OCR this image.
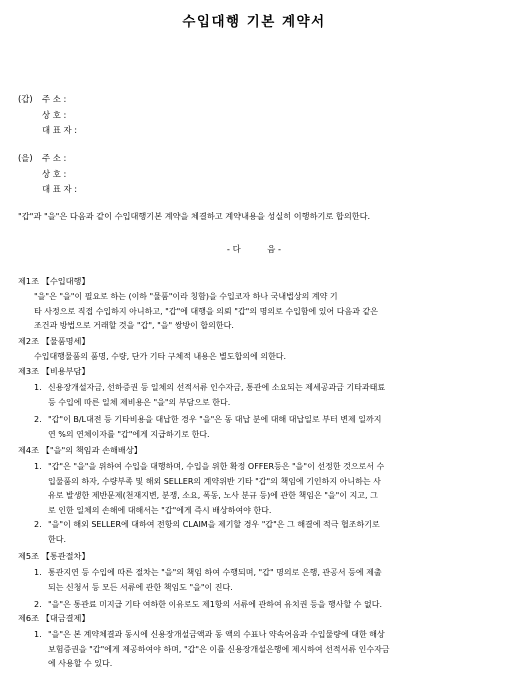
수입대행 기본 계약서
(갑)	주 소 :
상 호 :
대 표 자 :
(을)	주 소 :
상 호 :
대 표 자 :
"갑"과 "을"은 다음과 같이 수입대행기본 계약을 체결하고 계약내용을 성실히 이행하기로 합의한다.
- 다          음 -
제1조 【수입대행】
"을"은 "을"이 필요로 하는 (이하 "물품"이라 칭함)을 수입코자 하나 국내법상의 계약 기
타 사정으로 직접 수입하지 아니하고, "갑"에 대행을 의뢰 "갑"의 명의로 수입함에 있어 다음과 같은
조건과 방법으로 거래할 것을 "갑", "을" 쌍방이 합의한다.
제2조 【물품명세】
수입대행물품의 품명, 수량, 단가 기타 구체적 내용은 별도합의에 의한다.
제3조 【비용부담】
1. 신용장개설자금, 선하증권 등 일체의 선적서류 인수자금, 통관에 소요되는 제세공과금 기타과태료
등 수입에 따른 일체 제비용은 "을"의 부담으로 한다.
2. "갑"이 B/L대전 등 기타비용을 대납한 경우 "을"은 동 대납 분에 대해 대납일로 부터 변제 일까지
연 %의 연체이자를 "갑"에게 지급하기로 한다.
제4조 【"을"의 책임과 손해배상】
1. "갑"은 "을"을 위하여 수입을 대행하며, 수입을 위한 확정 OFFER등은 "을"이 선정한 것으로서 수
입물품의 하자, 수량부족 및 해외 SELLER의 계약위반 기타 "갑"의 책임에 기인하지 아니하는 사
유로 발생한 제반문제(천재지변, 분쟁, 소요, 폭동, 노사 분규 등)에 관한 책임은 "을"이 지고, 그
로 인한 일체의 손해에 대해서는 "갑"에게 즉시 배상하여야 한다.
2. "을"이 해외 SELLER에 대하여 전항의 CLAIM을 제기할 경우 "갑"은 그 해결에 적극 협조하기로
한다.
제5조 【통관절차】
1. 통관지연 등 수입에 따른 절차는 "을"의 책임 하여 수행되며, "갑" 명의로 은행, 관공서 등에 제출
되는 신청서 등 모든 서류에 관한 책임도 "을"이 진다.
2. "을"은 통관료 미지급 기타 여하한 이유로도 제1항의 서류에 관하여 유치권 등을 행사할 수 없다.
제6조 【대금결제】
1. "을"은 본 계약체결과 동시에 신용장개설금액과 동 액의 수표나 약속어음과 수입물량에 대한 해상
보험증권을 "갑"에게 제공하여야 하며, "갑"은 이를 신용장개설은행에 제시하여 선적서류 인수자금
에 사용할 수 있다.
